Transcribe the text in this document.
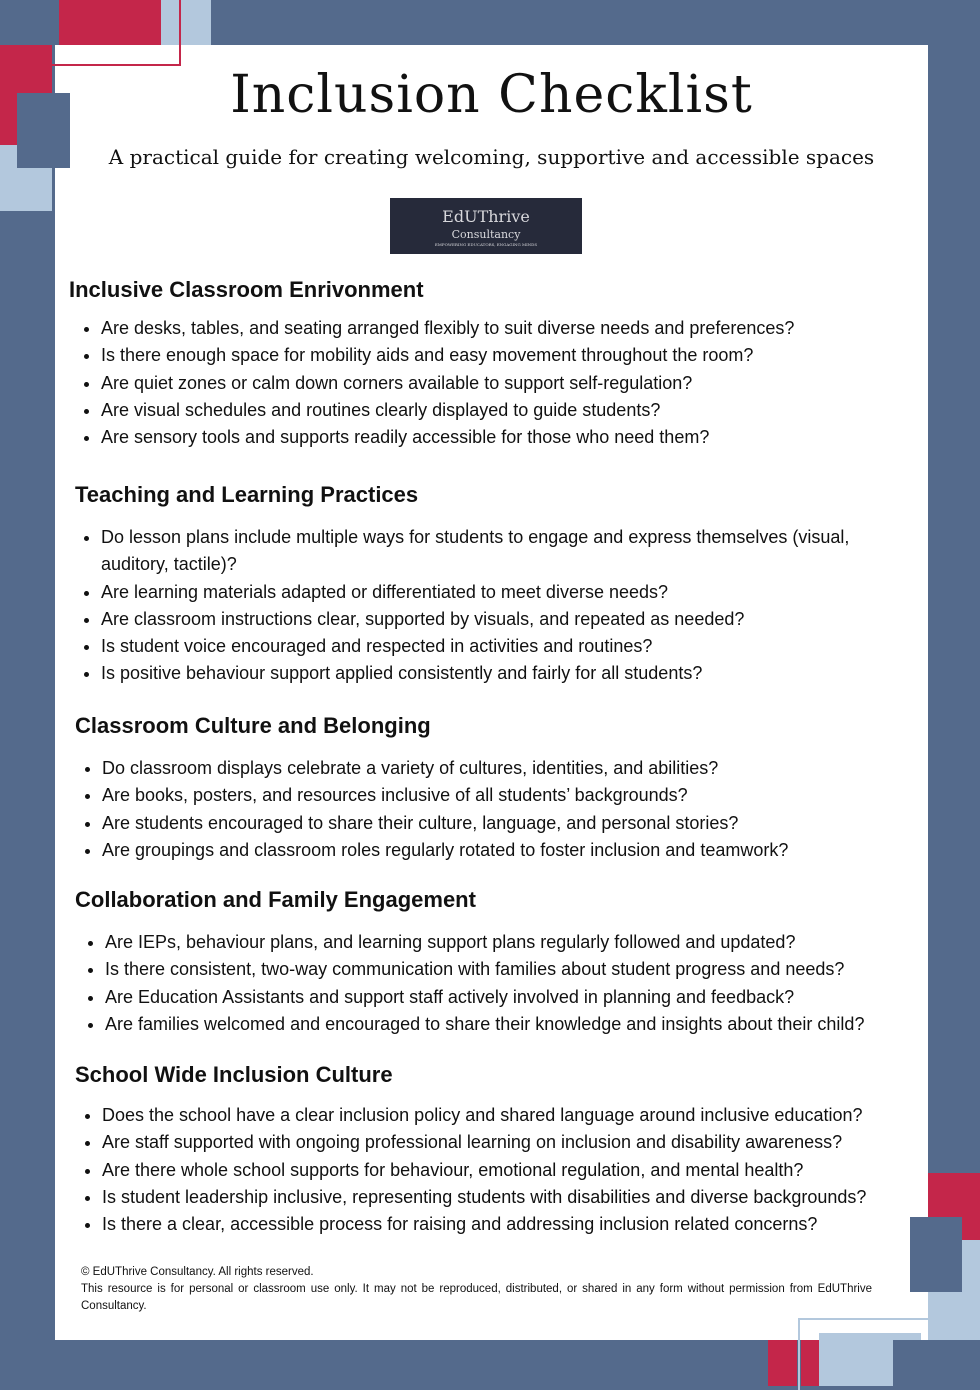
Inclusion Checklist
A practical guide for creating welcoming, supportive and accessible spaces
EdUThrive
Consultancy
EMPOWERING EDUCATORS, ENGAGING MINDS
Inclusive Classroom Enrivonment
• Are desks, tables, and seating arranged flexibly to suit diverse needs and preferences?
• Is there enough space for mobility aids and easy movement throughout the room?
• Are quiet zones or calm down corners available to support self-regulation?
• Are visual schedules and routines clearly displayed to guide students?
• Are sensory tools and supports readily accessible for those who need them?
Teaching and Learning Practices
• Do lesson plans include multiple ways for students to engage and express themselves (visual, auditory, tactile)?
• Are learning materials adapted or differentiated to meet diverse needs?
• Are classroom instructions clear, supported by visuals, and repeated as needed?
• Is student voice encouraged and respected in activities and routines?
• Is positive behaviour support applied consistently and fairly for all students?
Classroom Culture and Belonging
• Do classroom displays celebrate a variety of cultures, identities, and abilities?
• Are books, posters, and resources inclusive of all students’ backgrounds?
• Are students encouraged to share their culture, language, and personal stories?
• Are groupings and classroom roles regularly rotated to foster inclusion and teamwork?
Collaboration and Family Engagement
• Are IEPs, behaviour plans, and learning support plans regularly followed and updated?
• Is there consistent, two-way communication with families about student progress and needs?
• Are Education Assistants and support staff actively involved in planning and feedback?
• Are families welcomed and encouraged to share their knowledge and insights about their child?
School Wide Inclusion Culture
• Does the school have a clear inclusion policy and shared language around inclusive education?
• Are staff supported with ongoing professional learning on inclusion and disability awareness?
• Are there whole school supports for behaviour, emotional regulation, and mental health?
• Is student leadership inclusive, representing students with disabilities and diverse backgrounds?
• Is there a clear, accessible process for raising and addressing inclusion related concerns?
© EdUThrive Consultancy. All rights reserved.
This resource is for personal or classroom use only. It may not be reproduced, distributed, or shared in any form without permission from EdUThrive Consultancy.
